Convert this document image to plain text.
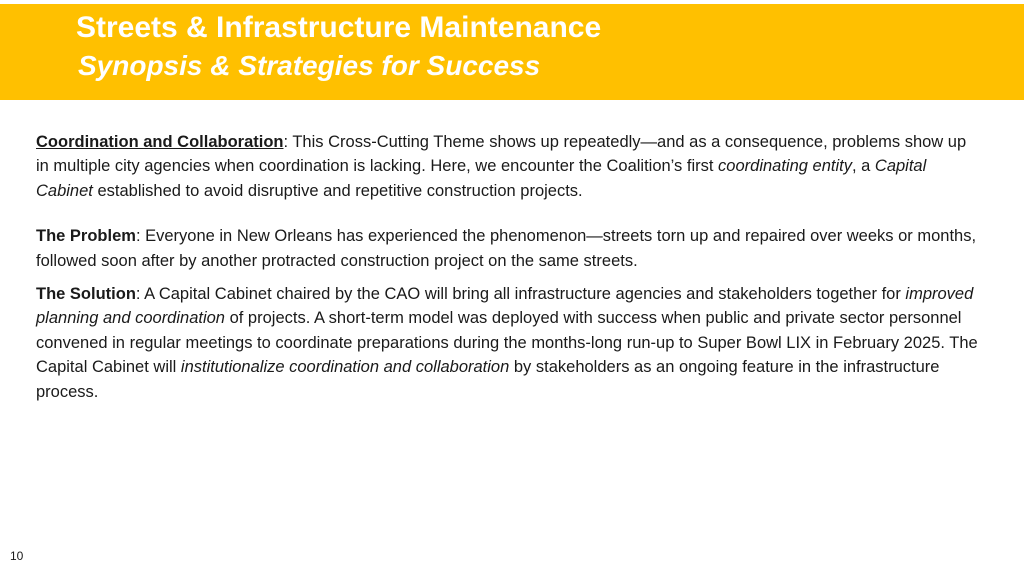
Streets & Infrastructure Maintenance
Synopsis & Strategies for Success

Coordination and Collaboration: This Cross-Cutting Theme shows up repeatedly—and as a consequence, problems show up in multiple city agencies when coordination is lacking. Here, we encounter the Coalition’s first coordinating entity, a Capital Cabinet established to avoid disruptive and repetitive construction projects.

The Problem: Everyone in New Orleans has experienced the phenomenon—streets torn up and repaired over weeks or months, followed soon after by another protracted construction project on the same streets.

The Solution: A Capital Cabinet chaired by the CAO will bring all infrastructure agencies and stakeholders together for improved planning and coordination of projects. A short-term model was deployed with success when public and private sector personnel convened in regular meetings to coordinate preparations during the months-long run-up to Super Bowl LIX in February 2025. The Capital Cabinet will institutionalize coordination and collaboration by stakeholders as an ongoing feature in the infrastructure process.

10
